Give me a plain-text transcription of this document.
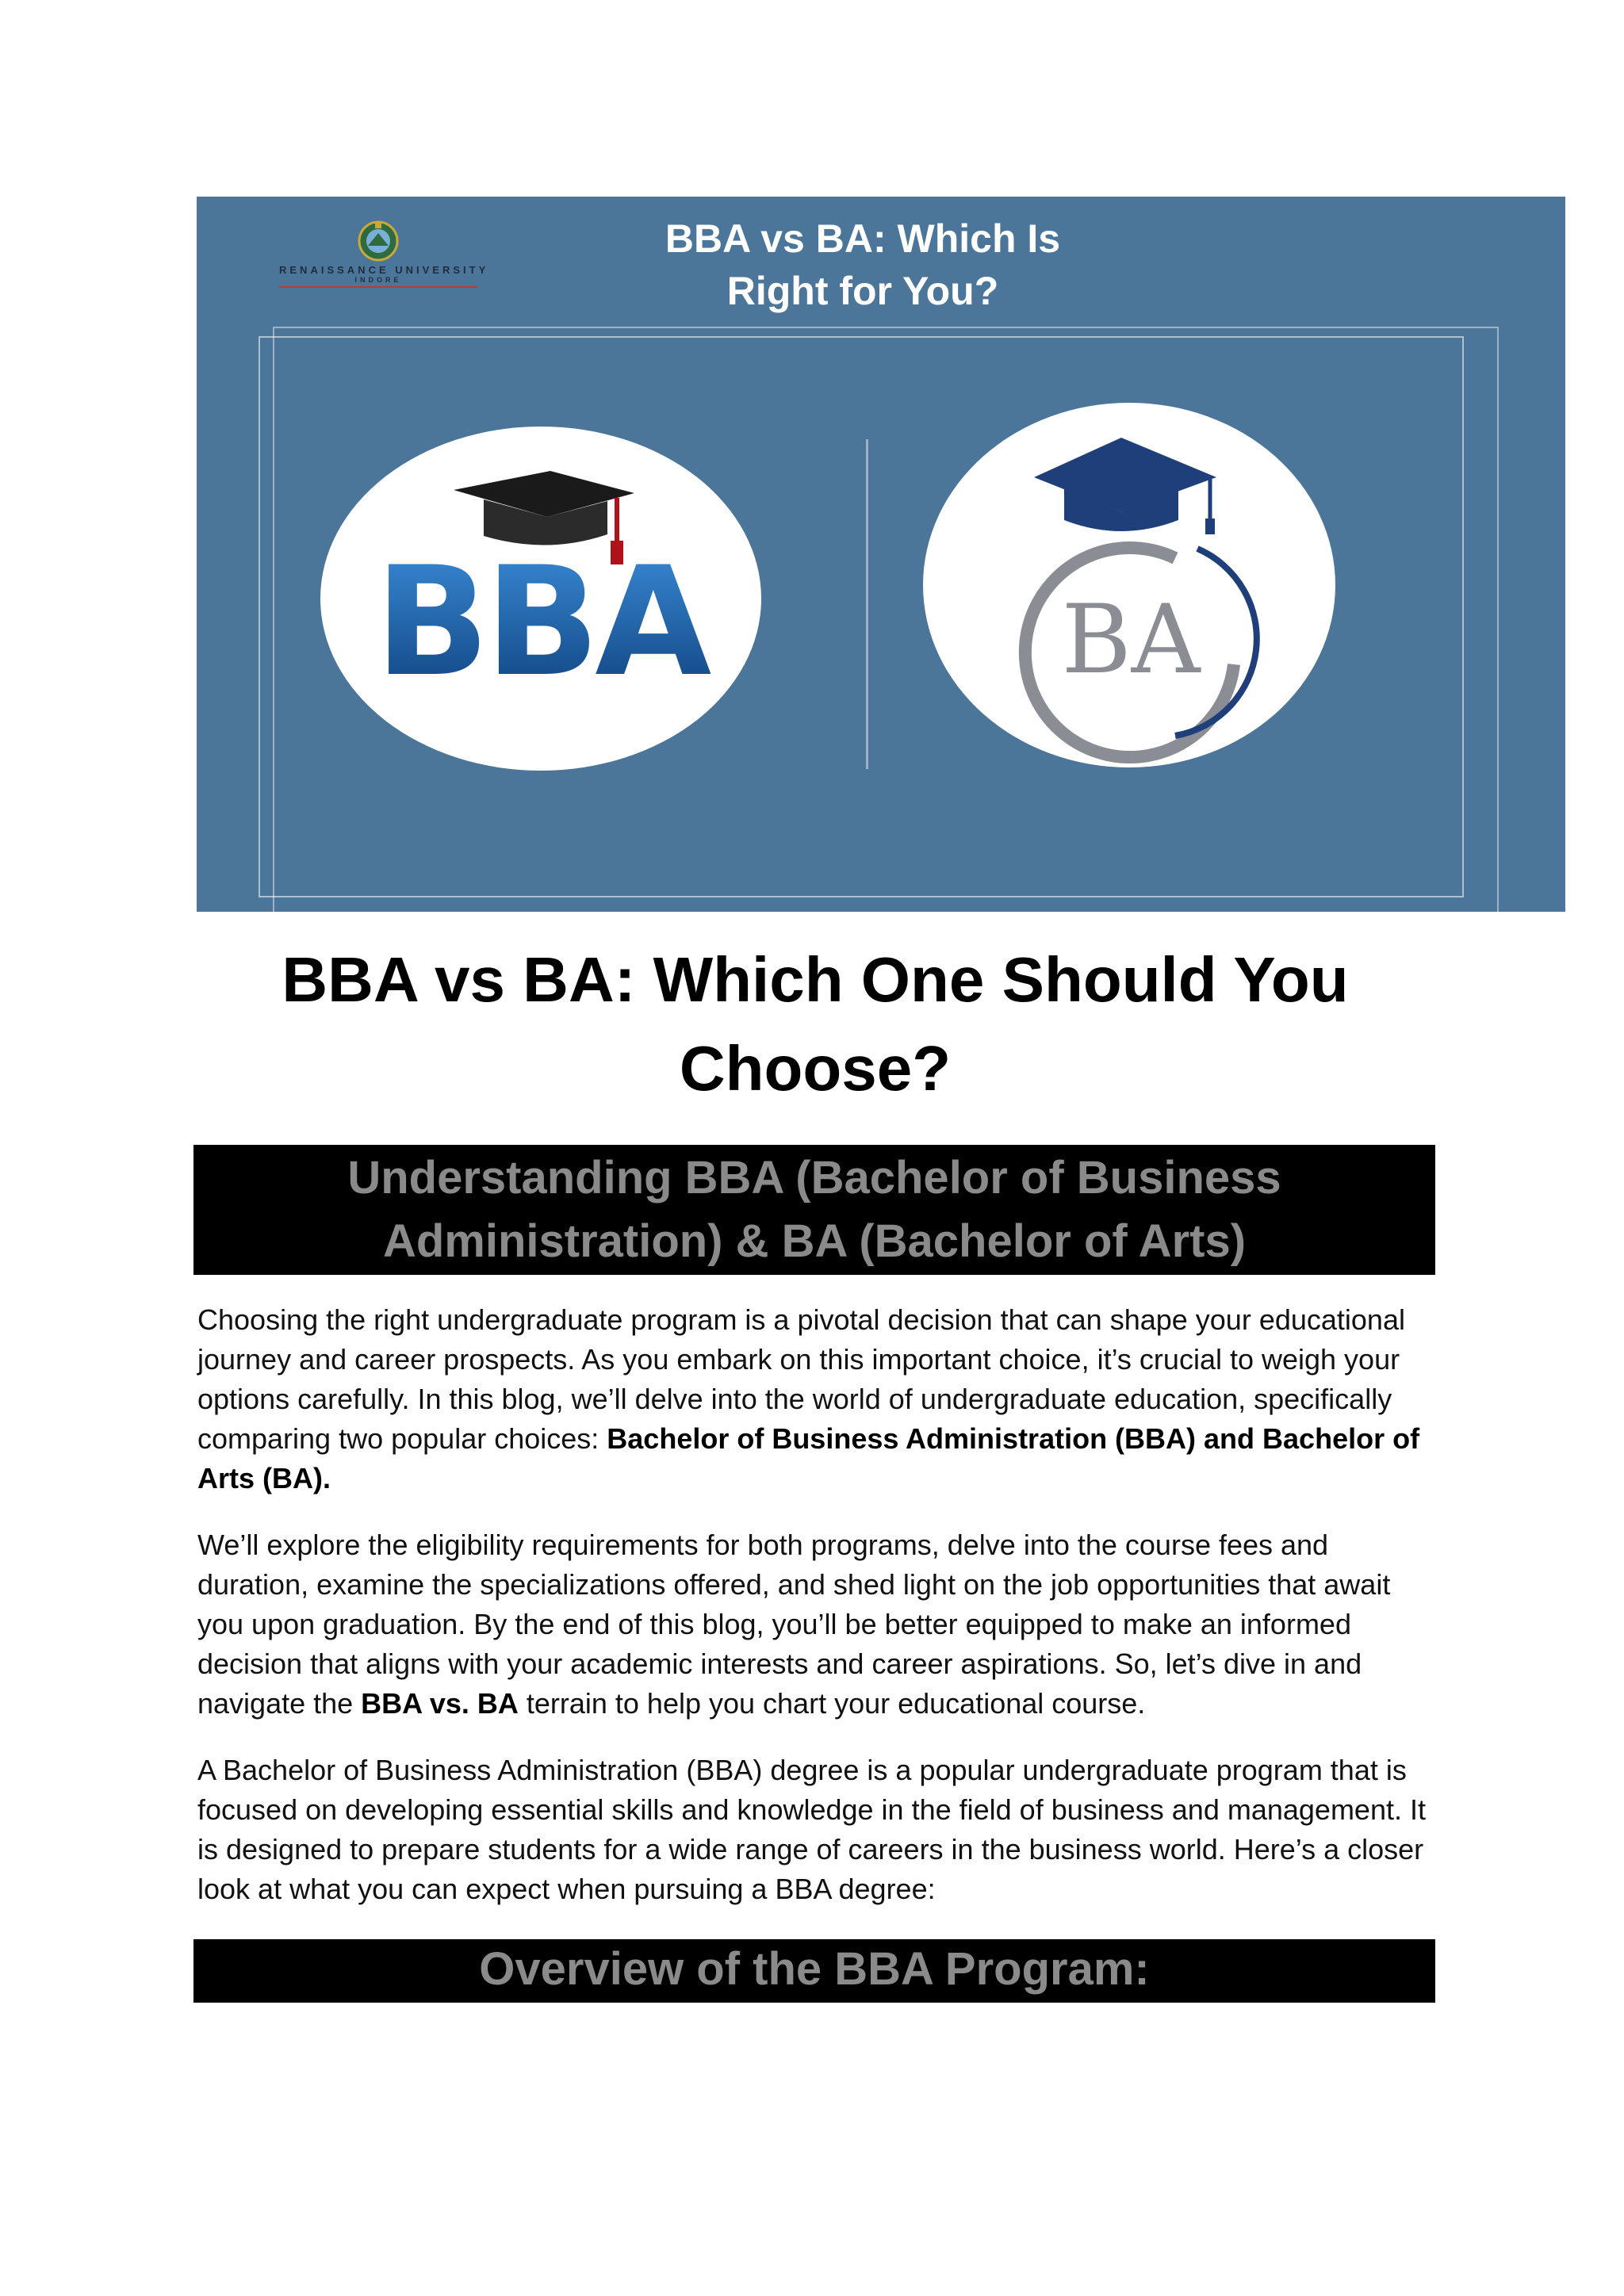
RENAISSANCE UNIVERSITY
INDORE
BBA vs BA: Which Is Right for You?
BBA	BA
BBA vs BA: Which One Should You Choose?
Understanding BBA (Bachelor of Business Administration) & BA (Bachelor of Arts)
Choosing the right undergraduate program is a pivotal decision that can shape your educational journey and career prospects. As you embark on this important choice, it’s crucial to weigh your options carefully. In this blog, we’ll delve into the world of undergraduate education, specifically comparing two popular choices: Bachelor of Business Administration (BBA) and Bachelor of Arts (BA).
We’ll explore the eligibility requirements for both programs, delve into the course fees and duration, examine the specializations offered, and shed light on the job opportunities that await you upon graduation. By the end of this blog, you’ll be better equipped to make an informed decision that aligns with your academic interests and career aspirations. So, let’s dive in and navigate the BBA vs. BA terrain to help you chart your educational course.
A Bachelor of Business Administration (BBA) degree is a popular undergraduate program that is focused on developing essential skills and knowledge in the field of business and management. It is designed to prepare students for a wide range of careers in the business world. Here’s a closer look at what you can expect when pursuing a BBA degree:
Overview of the BBA Program:
